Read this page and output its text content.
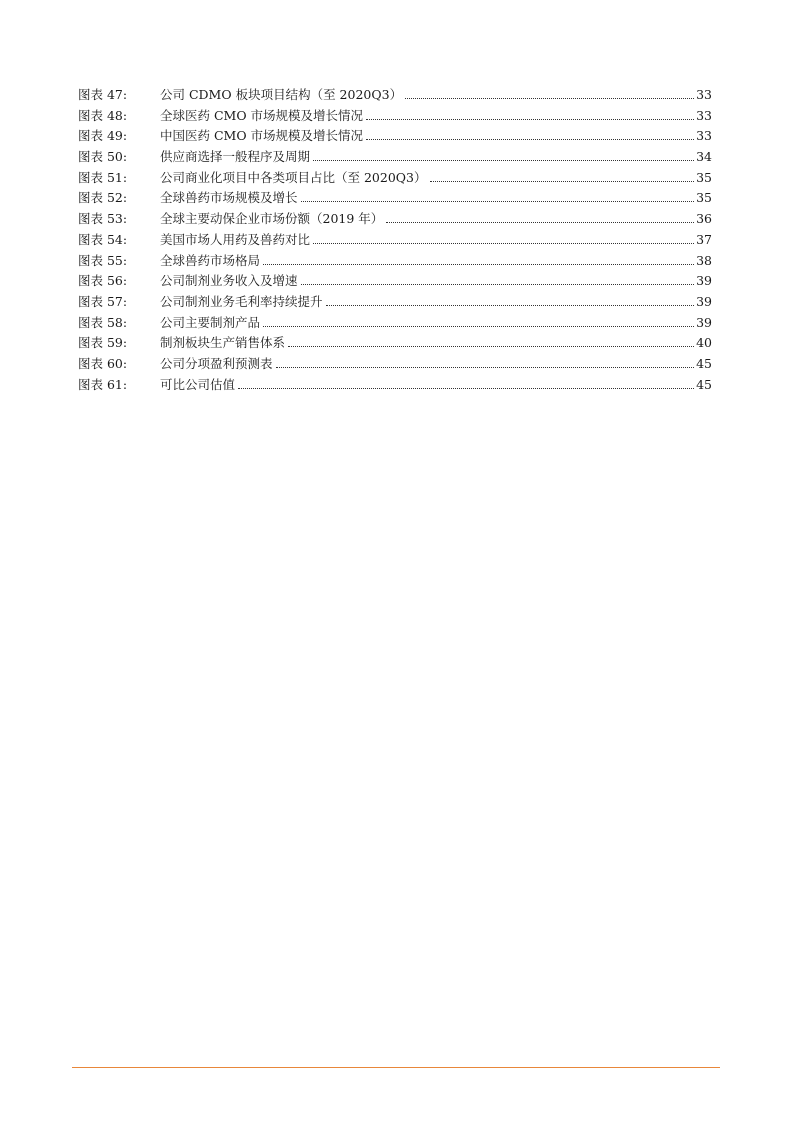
图表 47:	公司 CDMO 板块项目结构（至 2020Q3）	33
图表 48:	全球医药 CMO 市场规模及增长情况	33
图表 49:	中国医药 CMO 市场规模及增长情况	33
图表 50:	供应商选择一般程序及周期	34
图表 51:	公司商业化项目中各类项目占比（至 2020Q3）	35
图表 52:	全球兽药市场规模及增长	35
图表 53:	全球主要动保企业市场份额（2019 年）	36
图表 54:	美国市场人用药及兽药对比	37
图表 55:	全球兽药市场格局	38
图表 56:	公司制剂业务收入及增速	39
图表 57:	公司制剂业务毛利率持续提升	39
图表 58:	公司主要制剂产品	39
图表 59:	制剂板块生产销售体系	40
图表 60:	公司分项盈利预测表	45
图表 61:	可比公司估值	45
